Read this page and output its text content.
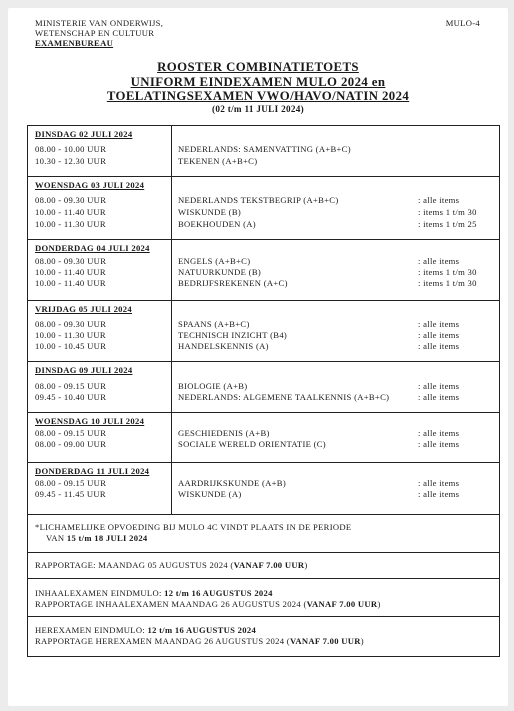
MINISTERIE VAN ONDERWIJS,
WETENSCHAP EN CULTUUR
EXAMENBUREAU
MULO-4
ROOSTER COMBINATIETOETS
UNIFORM EINDEXAMEN MULO 2024 en
TOELATINGSEXAMEN VWO/HAVO/NATIN 2024
(02 t/m 11 JULI 2024)
DINSDAG 02 JULI 2024
08.00 - 10.00 UUR	NEDERLANDS: SAMENVATTING (A+B+C)
10.30 - 12.30 UUR	TEKENEN (A+B+C)
WOENSDAG 03 JULI 2024
08.00 - 09.30 UUR	NEDERLANDS TEKSTBEGRIP (A+B+C)	: alle items
10.00 - 11.40 UUR	WISKUNDE (B)	: items 1 t/m 30
10.00 - 11.30 UUR	BOEKHOUDEN (A)	: items 1 t/m 25
DONDERDAG 04 JULI 2024
08.00 - 09.30 UUR	ENGELS (A+B+C)	: alle items
10.00 - 11.40 UUR	NATUURKUNDE (B)	: items 1 t/m 30
10.00 - 11.40 UUR	BEDRIJFSREKENEN (A+C)	: items 1 t/m 30
VRIJDAG 05 JULI 2024
08.00 - 09.30 UUR	SPAANS (A+B+C)	: alle items
10.00 - 11.30 UUR	TECHNISCH INZICHT (B4)	: alle items
10.00 - 10.45 UUR	HANDELSKENNIS (A)	: alle items
DINSDAG 09 JULI 2024
08.00 - 09.15 UUR	BIOLOGIE (A+B)	: alle items
09.45 - 10.40 UUR	NEDERLANDS: ALGEMENE TAALKENNIS (A+B+C)	: alle items
WOENSDAG 10 JULI 2024
08.00 - 09.15 UUR	GESCHIEDENIS (A+B)	: alle items
08.00 - 09.00 UUR	SOCIALE WERELD ORIENTATIE (C)	: alle items
DONDERDAG 11 JULI 2024
08.00 - 09.15 UUR	AARDRIJKSKUNDE (A+B)	: alle items
09.45 - 11.45 UUR	WISKUNDE (A)	: alle items
*LICHAMELIJKE OPVOEDING BIJ MULO 4C VINDT PLAATS IN DE PERIODE
VAN 15 t/m 18 JULI 2024
RAPPORTAGE: MAANDAG 05 AUGUSTUS 2024 (VANAF 7.00 UUR)
INHAALEXAMEN EINDMULO: 12 t/m 16 AUGUSTUS 2024
RAPPORTAGE INHAALEXAMEN MAANDAG 26 AUGUSTUS 2024 (VANAF 7.00 UUR)
HEREXAMEN EINDMULO: 12 t/m 16 AUGUSTUS 2024
RAPPORTAGE HEREXAMEN MAANDAG 26 AUGUSTUS 2024 (VANAF 7.00 UUR)
